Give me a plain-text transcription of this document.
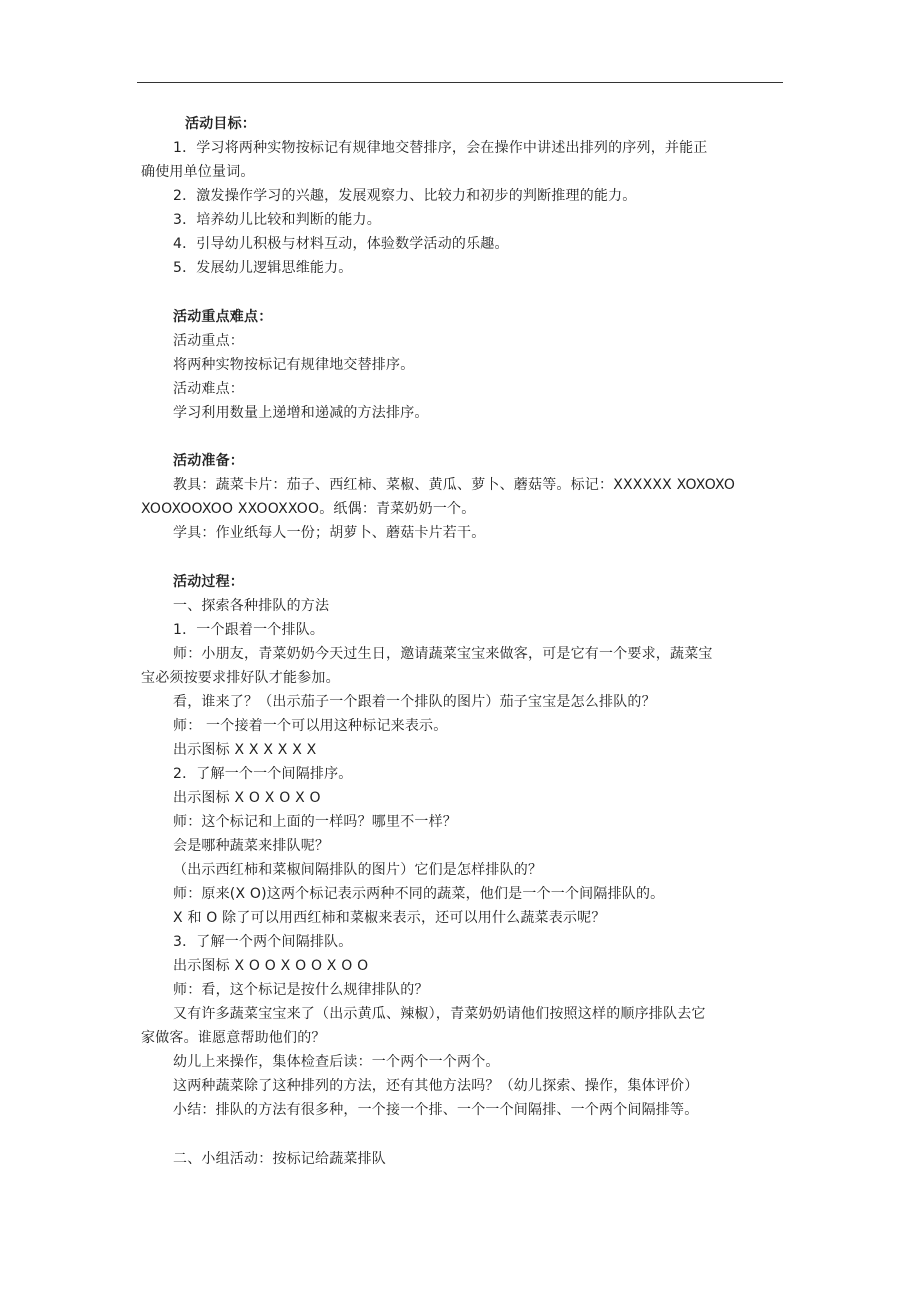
活动目标：
1．学习将两种实物按标记有规律地交替排序，会在操作中讲述出排列的序列，并能正
确使用单位量词。
2．激发操作学习的兴趣，发展观察力、比较力和初步的判断推理的能力。
3．培养幼儿比较和判断的能力。
4．引导幼儿积极与材料互动，体验数学活动的乐趣。
5．发展幼儿逻辑思维能力。
活动重点难点：
活动重点：
将两种实物按标记有规律地交替排序。
活动难点：
学习利用数量上递增和递减的方法排序。
活动准备：
教具：蔬菜卡片：茄子、西红柿、菜椒、黄瓜、萝卜、蘑菇等。标记：XXXXXX XOXOXO
XOOXOOXOO XXOOXXOO。纸偶：青菜奶奶一个。
学具：作业纸每人一份；胡萝卜、蘑菇卡片若干。
活动过程：
一、探索各种排队的方法
1．一个跟着一个排队。
师：小朋友，青菜奶奶今天过生日，邀请蔬菜宝宝来做客，可是它有一个要求，蔬菜宝
宝必须按要求排好队才能参加。
看，谁来了？（出示茄子一个跟着一个排队的图片）茄子宝宝是怎么排队的？
师： 一个接着一个可以用这种标记来表示。
出示图标 X X X X X X
2．了解一个一个间隔排序。
出示图标 X O X O X O
师：这个标记和上面的一样吗？哪里不一样？
会是哪种蔬菜来排队呢？
（出示西红柿和菜椒间隔排队的图片）它们是怎样排队的？
师：原来(X O)这两个标记表示两种不同的蔬菜，他们是一个一个间隔排队的。
X 和 O 除了可以用西红柿和菜椒来表示，还可以用什么蔬菜表示呢？
3．了解一个两个间隔排队。
出示图标 X O O X O O X O O
师：看，这个标记是按什么规律排队的？
又有许多蔬菜宝宝来了（出示黄瓜、辣椒），青菜奶奶请他们按照这样的顺序排队去它
家做客。谁愿意帮助他们的？
幼儿上来操作，集体检查后读：一个两个一个两个。
这两种蔬菜除了这种排列的方法，还有其他方法吗？（幼儿探索、操作，集体评价）
小结：排队的方法有很多种，一个接一个排、一个一个间隔排、一个两个间隔排等。
二、小组活动：按标记给蔬菜排队
